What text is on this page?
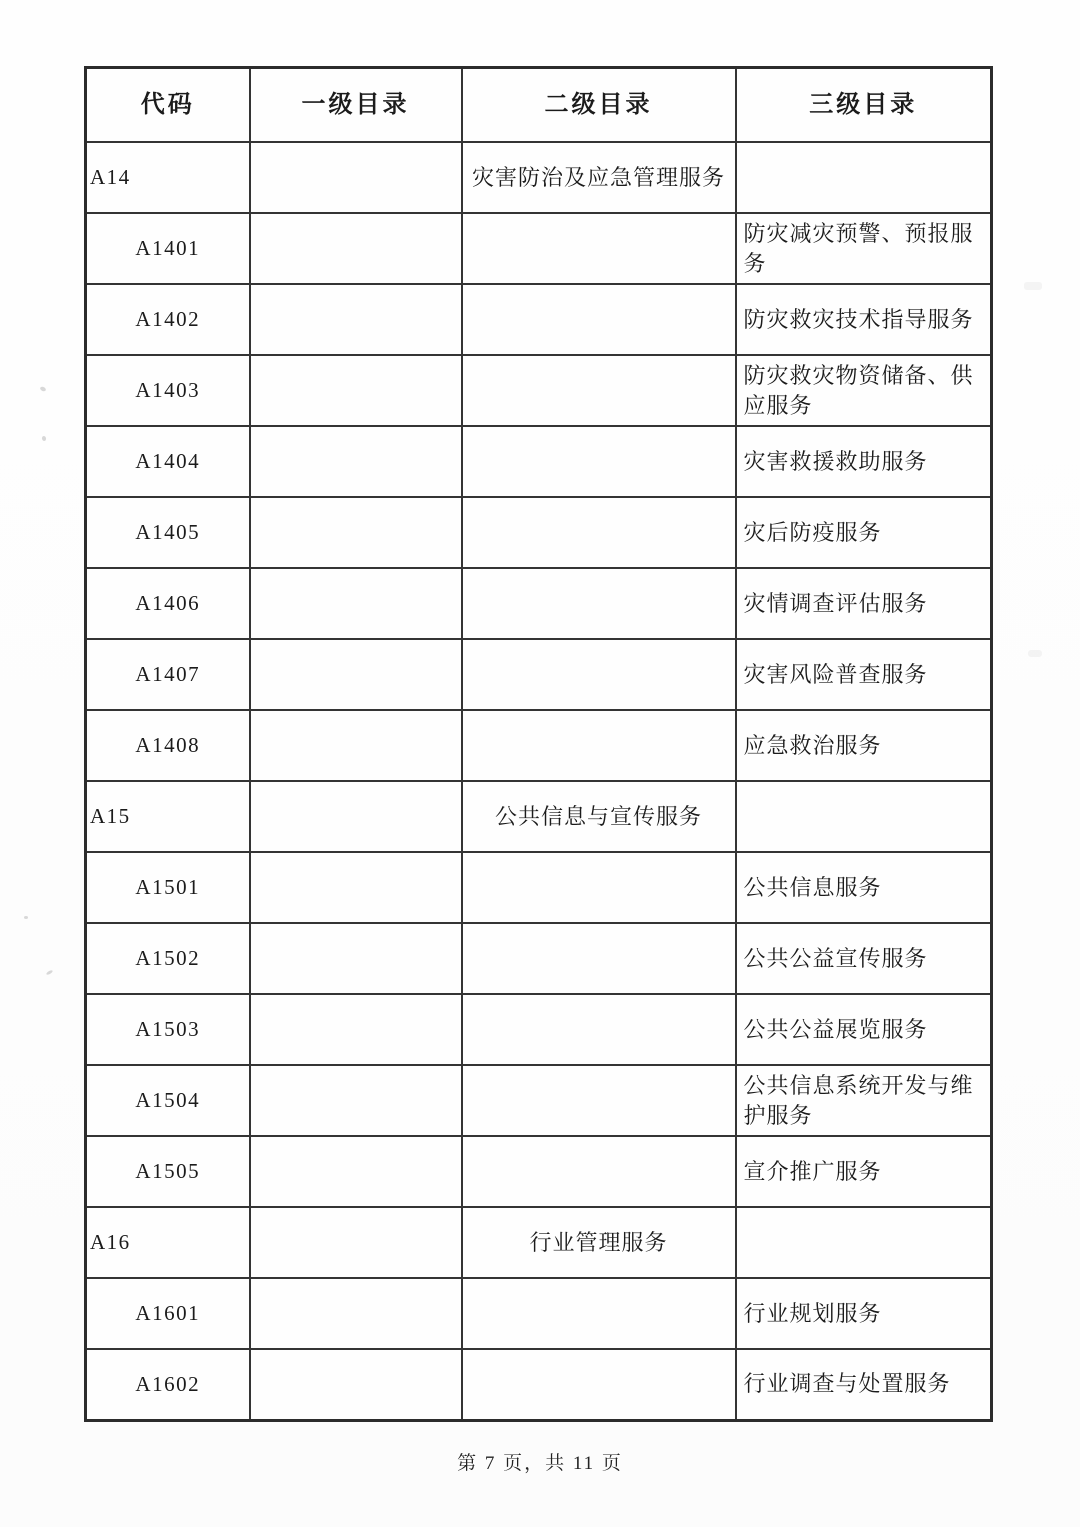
代码	一级目录	二级目录	三级目录
A14		灾害防治及应急管理服务	
A1401			防灾减灾预警、预报服务
A1402			防灾救灾技术指导服务
A1403			防灾救灾物资储备、供应服务
A1404			灾害救援救助服务
A1405			灾后防疫服务
A1406			灾情调查评估服务
A1407			灾害风险普查服务
A1408			应急救治服务
A15		公共信息与宣传服务	
A1501			公共信息服务
A1502			公共公益宣传服务
A1503			公共公益展览服务
A1504			公共信息系统开发与维护服务
A1505			宣介推广服务
A16		行业管理服务	
A1601			行业规划服务
A1602			行业调查与处置服务
第 7 页，共 11 页
